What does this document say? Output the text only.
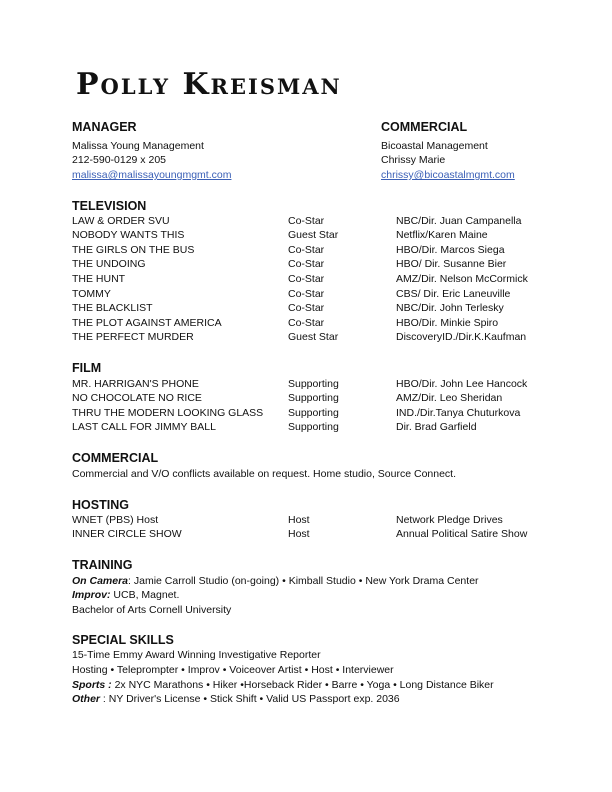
Polly Kreisman
MANAGER
Malissa Young Management
212-590-0129 x 205
malissa@malissayoungmgmt.com
COMMERCIAL
Bicoastal Management
Chrissy Marie
chrissy@bicoastalmgmt.com
TELEVISION
LAW & ORDER SVU	Co-Star	NBC/Dir. Juan Campanella
NOBODY WANTS THIS	Guest Star	Netflix/Karen Maine
THE GIRLS ON THE BUS	Co-Star	HBO/Dir. Marcos Siega
THE UNDOING	Co-Star	HBO/ Dir. Susanne Bier
THE HUNT	Co-Star	AMZ/Dir. Nelson McCormick
TOMMY	Co-Star	CBS/ Dir. Eric Laneuville
THE BLACKLIST	Co-Star	NBC/Dir. John Terlesky
THE PLOT AGAINST AMERICA	Co-Star	HBO/Dir. Minkie Spiro
THE PERFECT MURDER	Guest Star	DiscoveryID./Dir.K.Kaufman
FILM
MR. HARRIGAN'S PHONE	Supporting	HBO/Dir. John Lee Hancock
NO CHOCOLATE NO RICE	Supporting	AMZ/Dir. Leo Sheridan
THRU THE MODERN LOOKING GLASS Supporting	IND./Dir.Tanya Chuturkova
LAST CALL FOR JIMMY BALL	Supporting	Dir. Brad Garfield
COMMERCIAL
Commercial and V/O conflicts available on request. Home studio, Source Connect.
HOSTING
WNET (PBS) Host	Host	Network Pledge Drives
INNER CIRCLE SHOW	Host	Annual Political Satire Show
TRAINING
On Camera: Jamie Carroll Studio (on-going) • Kimball Studio • New York Drama Center
Improv: UCB, Magnet.
Bachelor of Arts Cornell University
SPECIAL SKILLS
15-Time Emmy Award Winning Investigative Reporter
Hosting • Teleprompter • Improv • Voiceover Artist • Host • Interviewer
Sports : 2x NYC Marathons • Hiker •Horseback Rider • Barre • Yoga • Long Distance Biker
Other : NY Driver's License • Stick Shift • Valid US Passport exp. 2036
